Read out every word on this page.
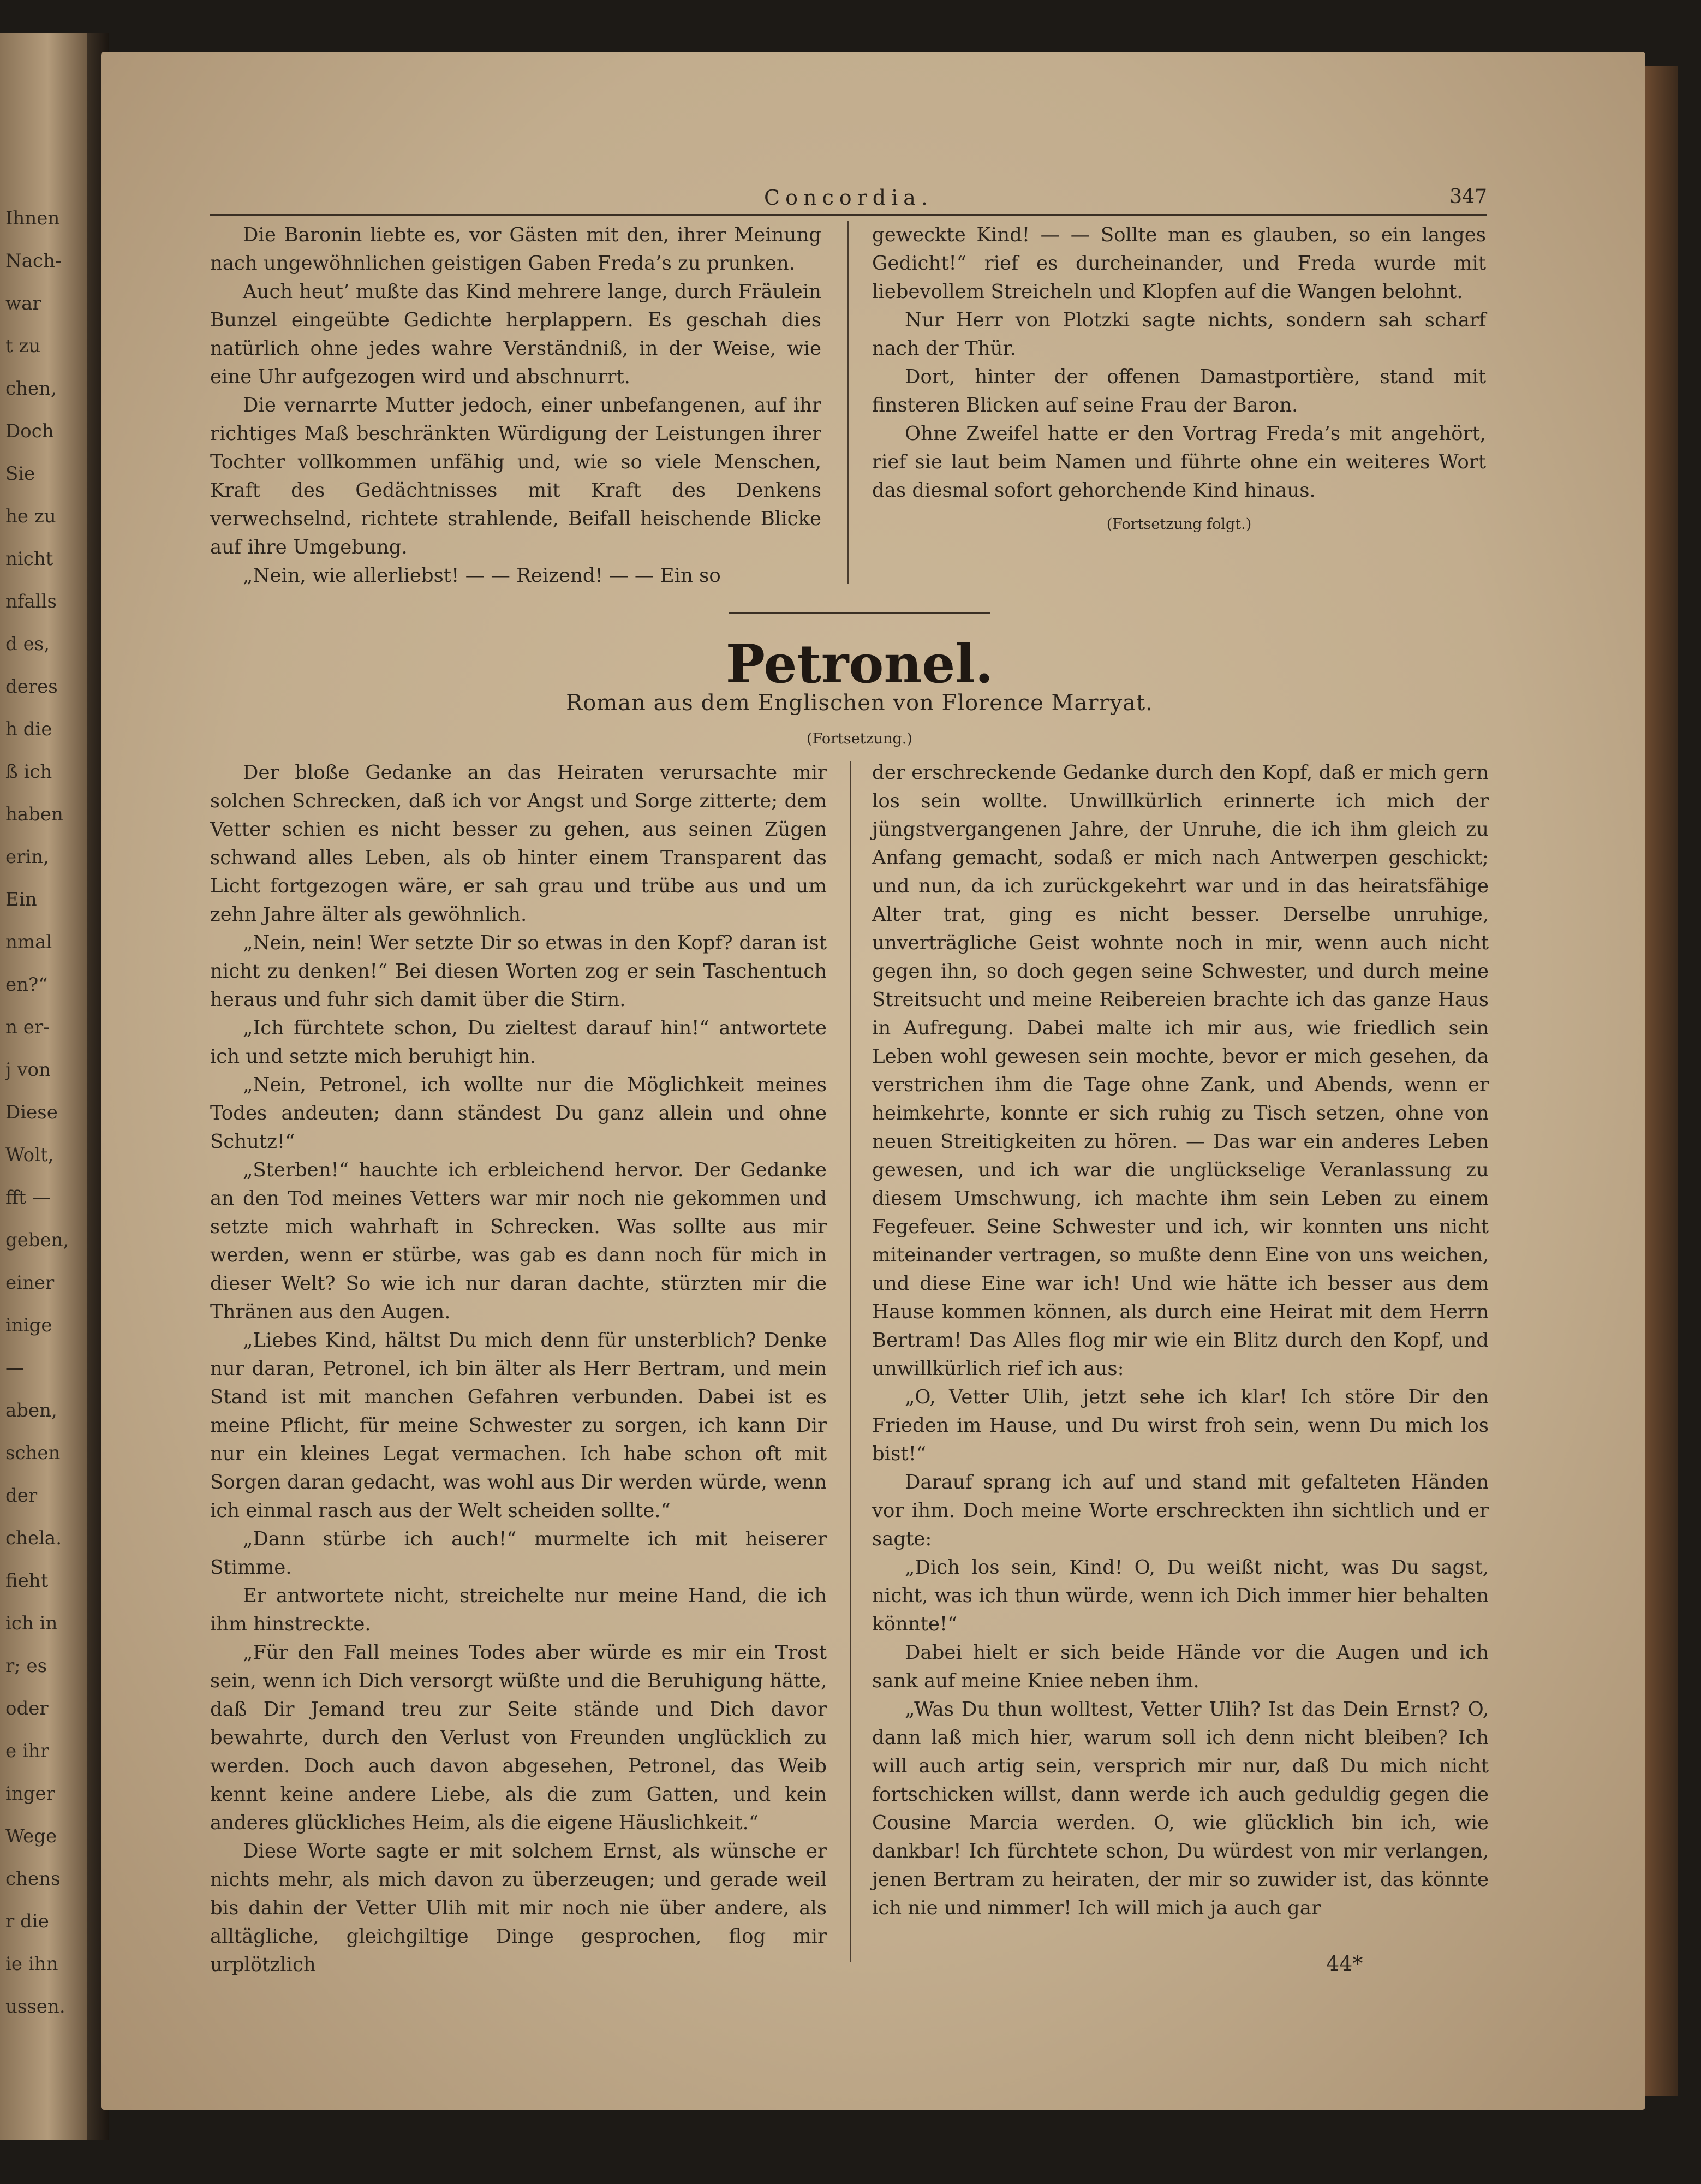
Ihnen
Nach-
war
t zu
chen,
Doch
Sie
he zu
nicht
nfalls
d es,
deres
h die
ß ich
haben
erin,
Ein
nmal
en?“
n er-
j von
Diese
Wolt,
fft —
geben,
einer
inige
—
aben,
schen
der
chela.
fieht
ich in
r; es
oder
e ihr
inger
Wege
chens
r die
ie ihn
ussen.
Concordia.	347

Die Baronin liebte es, vor Gästen mit den, ihrer Meinung nach ungewöhnlichen geistigen Gaben Freda’s zu prunken.

Auch heut’ mußte das Kind mehrere lange, durch Fräulein Bunzel eingeübte Gedichte herplappern. Es geschah dies natürlich ohne jedes wahre Verständniß, in der Weise, wie eine Uhr aufgezogen wird und abschnurrt.

Die vernarrte Mutter jedoch, einer unbefangenen, auf ihr richtiges Maß beschränkten Würdigung der Leistungen ihrer Tochter vollkommen unfähig und, wie so viele Menschen, Kraft des Gedächtnisses mit Kraft des Denkens verwechselnd, richtete strahlende, Beifall heischende Blicke auf ihre Umgebung.

„Nein, wie allerliebst! — — Reizend! — — Ein so

geweckte Kind! — — Sollte man es glauben, so ein langes Gedicht!“ rief es durcheinander, und Freda wurde mit liebevollem Streicheln und Klopfen auf die Wangen belohnt.

Nur Herr von Plotzki sagte nichts, sondern sah scharf nach der Thür.

Dort, hinter der offenen Damastportière, stand mit finsteren Blicken auf seine Frau der Baron.

Ohne Zweifel hatte er den Vortrag Freda’s mit angehört, rief sie laut beim Namen und führte ohne ein weiteres Wort das diesmal sofort gehorchende Kind hinaus.

(Fortsetzung folgt.)

Petronel.
Roman aus dem Englischen von Florence Marryat.
(Fortsetzung.)

Der bloße Gedanke an das Heiraten verursachte mir solchen Schrecken, daß ich vor Angst und Sorge zitterte; dem Vetter schien es nicht besser zu gehen, aus seinen Zügen schwand alles Leben, als ob hinter einem Transparent das Licht fortgezogen wäre, er sah grau und trübe aus und um zehn Jahre älter als gewöhnlich.

„Nein, nein! Wer setzte Dir so etwas in den Kopf? daran ist nicht zu denken!“ Bei diesen Worten zog er sein Taschentuch heraus und fuhr sich damit über die Stirn.

„Ich fürchtete schon, Du zieltest darauf hin!“ antwortete ich und setzte mich beruhigt hin.

„Nein, Petronel, ich wollte nur die Möglichkeit meines Todes andeuten; dann ständest Du ganz allein und ohne Schutz!“

„Sterben!“ hauchte ich erbleichend hervor. Der Gedanke an den Tod meines Vetters war mir noch nie gekommen und setzte mich wahrhaft in Schrecken. Was sollte aus mir werden, wenn er stürbe, was gab es dann noch für mich in dieser Welt? So wie ich nur daran dachte, stürzten mir die Thränen aus den Augen.

„Liebes Kind, hältst Du mich denn für unsterblich? Denke nur daran, Petronel, ich bin älter als Herr Bertram, und mein Stand ist mit manchen Gefahren verbunden. Dabei ist es meine Pflicht, für meine Schwester zu sorgen, ich kann Dir nur ein kleines Legat vermachen. Ich habe schon oft mit Sorgen daran gedacht, was wohl aus Dir werden würde, wenn ich einmal rasch aus der Welt scheiden sollte.“

„Dann stürbe ich auch!“ murmelte ich mit heiserer Stimme.

Er antwortete nicht, streichelte nur meine Hand, die ich ihm hinstreckte.

„Für den Fall meines Todes aber würde es mir ein Trost sein, wenn ich Dich versorgt wüßte und die Beruhigung hätte, daß Dir Jemand treu zur Seite stände und Dich davor bewahrte, durch den Verlust von Freunden unglücklich zu werden. Doch auch davon abgesehen, Petronel, das Weib kennt keine andere Liebe, als die zum Gatten, und kein anderes glückliches Heim, als die eigene Häuslichkeit.“

Diese Worte sagte er mit solchem Ernst, als wünsche er nichts mehr, als mich davon zu überzeugen; und gerade weil bis dahin der Vetter Ulih mit mir noch nie über andere, als alltägliche, gleichgiltige Dinge gesprochen, flog mir urplötzlich

der erschreckende Gedanke durch den Kopf, daß er mich gern los sein wollte. Unwillkürlich erinnerte ich mich der jüngstvergangenen Jahre, der Unruhe, die ich ihm gleich zu Anfang gemacht, sodaß er mich nach Antwerpen geschickt; und nun, da ich zurückgekehrt war und in das heiratsfähige Alter trat, ging es nicht besser. Derselbe unruhige, unverträgliche Geist wohnte noch in mir, wenn auch nicht gegen ihn, so doch gegen seine Schwester, und durch meine Streitsucht und meine Reibereien brachte ich das ganze Haus in Aufregung. Dabei malte ich mir aus, wie friedlich sein Leben wohl gewesen sein mochte, bevor er mich gesehen, da verstrichen ihm die Tage ohne Zank, und Abends, wenn er heimkehrte, konnte er sich ruhig zu Tisch setzen, ohne von neuen Streitigkeiten zu hören. — Das war ein anderes Leben gewesen, und ich war die unglückselige Veranlassung zu diesem Umschwung, ich machte ihm sein Leben zu einem Fegefeuer. Seine Schwester und ich, wir konnten uns nicht miteinander vertragen, so mußte denn Eine von uns weichen, und diese Eine war ich! Und wie hätte ich besser aus dem Hause kommen können, als durch eine Heirat mit dem Herrn Bertram! Das Alles flog mir wie ein Blitz durch den Kopf, und unwillkürlich rief ich aus:

„O, Vetter Ulih, jetzt sehe ich klar! Ich störe Dir den Frieden im Hause, und Du wirst froh sein, wenn Du mich los bist!“

Darauf sprang ich auf und stand mit gefalteten Händen vor ihm. Doch meine Worte erschreckten ihn sichtlich und er sagte:

„Dich los sein, Kind! O, Du weißt nicht, was Du sagst, nicht, was ich thun würde, wenn ich Dich immer hier behalten könnte!“

Dabei hielt er sich beide Hände vor die Augen und ich sank auf meine Kniee neben ihm.

„Was Du thun wolltest, Vetter Ulih? Ist das Dein Ernst? O, dann laß mich hier, warum soll ich denn nicht bleiben? Ich will auch artig sein, versprich mir nur, daß Du mich nicht fortschicken willst, dann werde ich auch geduldig gegen die Cousine Marcia werden. O, wie glücklich bin ich, wie dankbar! Ich fürchtete schon, Du würdest von mir verlangen, jenen Bertram zu heiraten, der mir so zuwider ist, das könnte ich nie und nimmer! Ich will mich ja auch gar

44*
